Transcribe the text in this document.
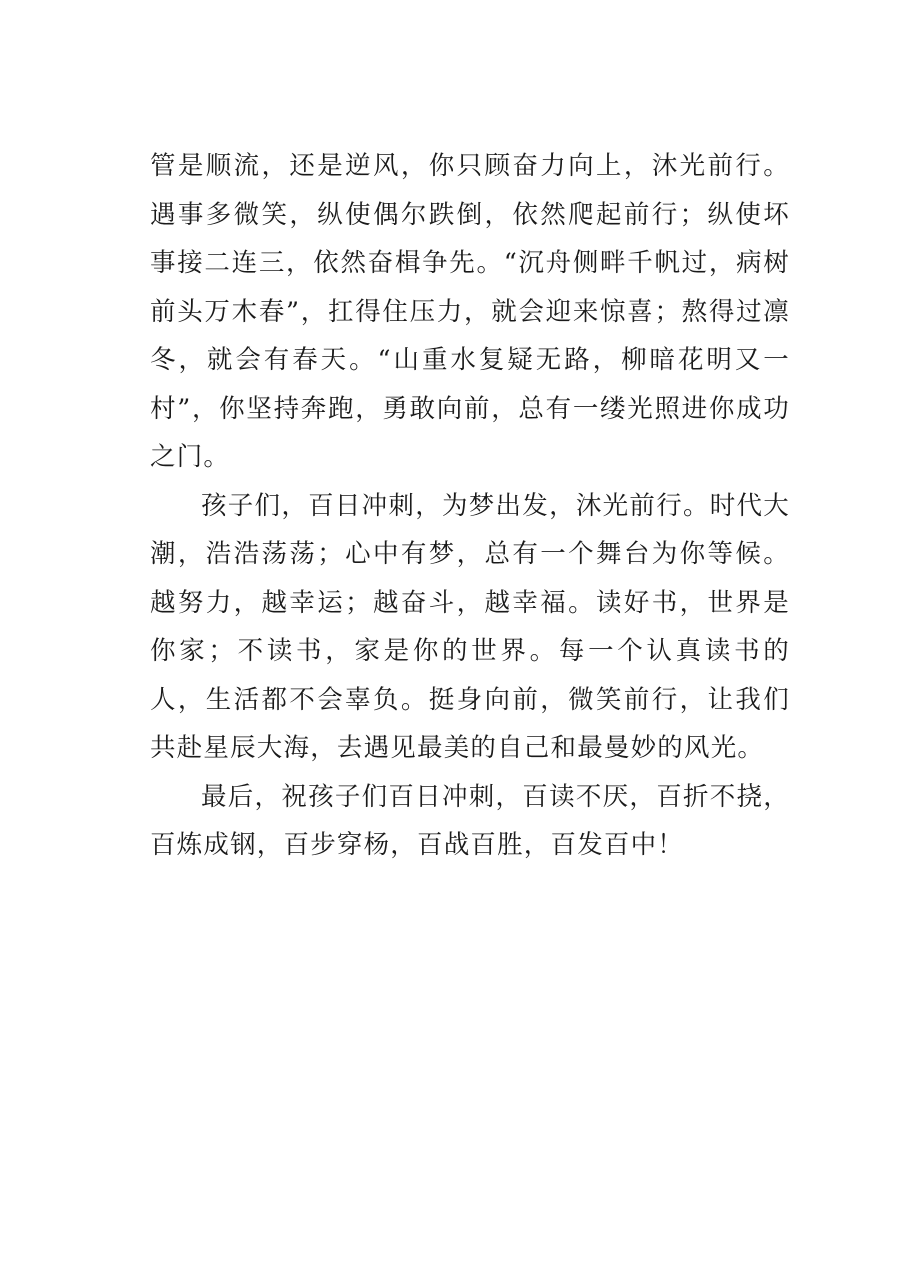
管是顺流，还是逆风，你只顾奋力向上，沐光前行。遇事多微笑，纵使偶尔跌倒，依然爬起前行；纵使坏事接二连三，依然奋楫争先。“沉舟侧畔千帆过，病树前头万木春”，扛得住压力，就会迎来惊喜；熬得过凛冬，就会有春天。“山重水复疑无路，柳暗花明又一村”，你坚持奔跑，勇敢向前，总有一缕光照进你成功之门。

孩子们，百日冲刺，为梦出发，沐光前行。时代大潮，浩浩荡荡；心中有梦，总有一个舞台为你等候。越努力，越幸运；越奋斗，越幸福。读好书，世界是你家；不读书，家是你的世界。每一个认真读书的人，生活都不会辜负。挺身向前，微笑前行，让我们共赴星辰大海，去遇见最美的自己和最曼妙的风光。

最后，祝孩子们百日冲刺，百读不厌，百折不挠，百炼成钢，百步穿杨，百战百胜，百发百中！
